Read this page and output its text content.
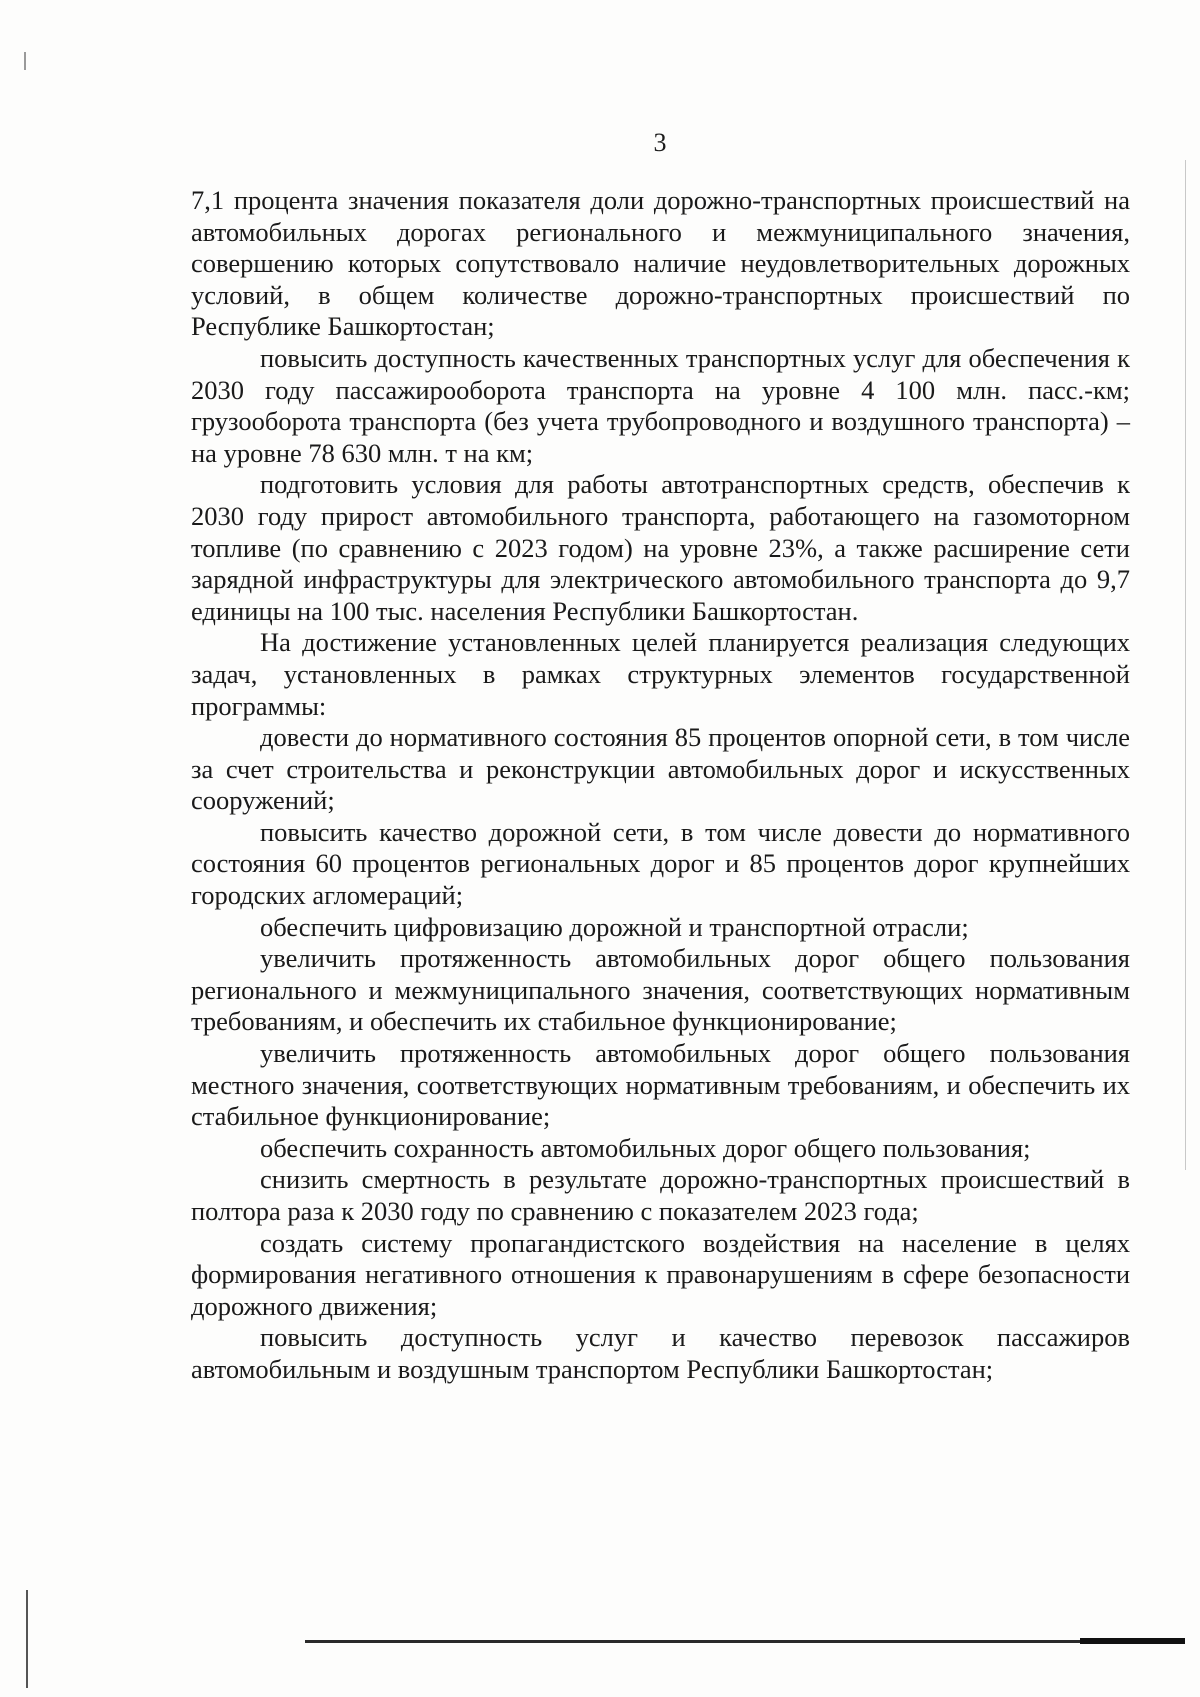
3

7,1 процента значения показателя доли дорожно-транспортных происшествий на автомобильных дорогах регионального и межмуниципального значения, совершению которых сопутствовало наличие неудовлетворительных дорожных условий, в общем количестве дорожно-транспортных происшествий по Республике Башкортостан;

повысить доступность качественных транспортных услуг для обеспечения к 2030 году пассажирооборота транспорта на уровне 4 100 млн. пасс.-км; грузооборота транспорта (без учета трубопроводного и воздушного транспорта) – на уровне 78 630 млн. т на км;

подготовить условия для работы автотранспортных средств, обеспечив к 2030 году прирост автомобильного транспорта, работающего на газомоторном топливе (по сравнению с 2023 годом) на уровне 23%, а также расширение сети зарядной инфраструктуры для электрического автомобильного транспорта до 9,7 единицы на 100 тыс. населения Республики Башкортостан.

На достижение установленных целей планируется реализация следующих задач, установленных в рамках структурных элементов государственной программы:

довести до нормативного состояния 85 процентов опорной сети, в том числе за счет строительства и реконструкции автомобильных дорог и искусственных сооружений;

повысить качество дорожной сети, в том числе довести до нормативного состояния 60 процентов региональных дорог и 85 процентов дорог крупнейших городских агломераций;

обеспечить цифровизацию дорожной и транспортной отрасли;

увеличить протяженность автомобильных дорог общего пользования регионального и межмуниципального значения, соответствующих нормативным требованиям, и обеспечить их стабильное функционирование;

увеличить протяженность автомобильных дорог общего пользования местного значения, соответствующих нормативным требованиям, и обеспечить их стабильное функционирование;

обеспечить сохранность автомобильных дорог общего пользования;

снизить смертность в результате дорожно-транспортных происшествий в полтора раза к 2030 году по сравнению с показателем 2023 года;

создать систему пропагандистского воздействия на население в целях формирования негативного отношения к правонарушениям в сфере безопасности дорожного движения;

повысить доступность услуг и качество перевозок пассажиров автомобильным и воздушным транспортом Республики Башкортостан;
